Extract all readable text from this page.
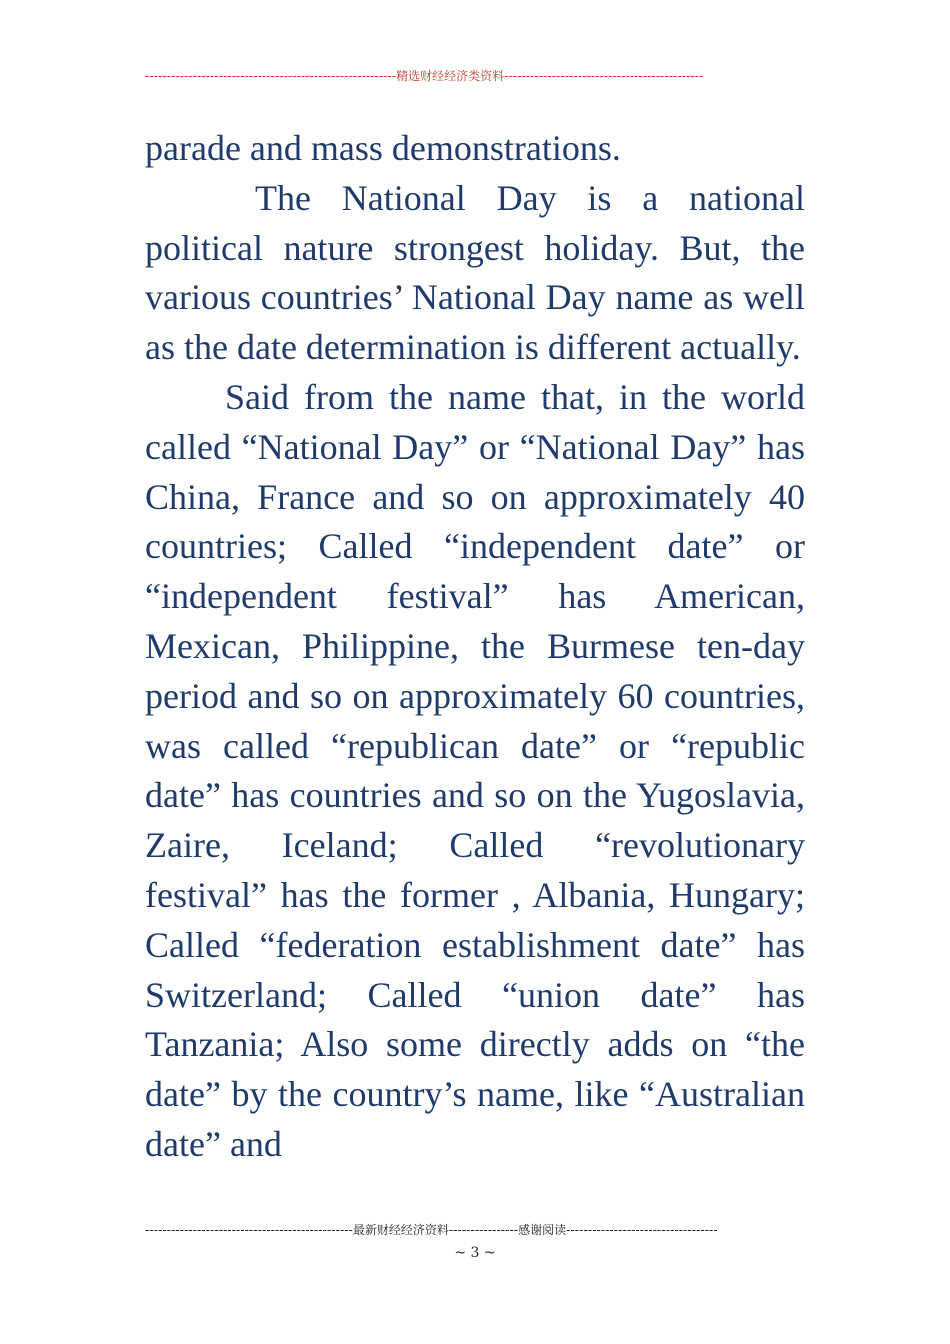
----------------------------------------------------------精选财经经济类资料----------------------------------------------

parade and mass demonstrations.

The National Day is a national political nature strongest holiday. But, the various countries’ National Day name as well as the date determination is different actually.

Said from the name that, in the world called “National Day” or “National Day” has China, France and so on approximately 40 countries; Called “independent date” or “independent festival” has American, Mexican, Philippine, the Burmese ten-day period and so on approximately 60 countries, was called “republican date” or “republic date” has countries and so on the Yugoslavia, Zaire, Iceland; Called “revolutionary festival” has the former , Albania, Hungary; Called “federation establishment date” has Switzerland; Called “union date” has Tanzania; Also some directly adds on “the date” by the country’s name, like “Australian date” and

------------------------------------------------最新财经经济资料----------------感谢阅读-----------------------------------
~ 3 ~
